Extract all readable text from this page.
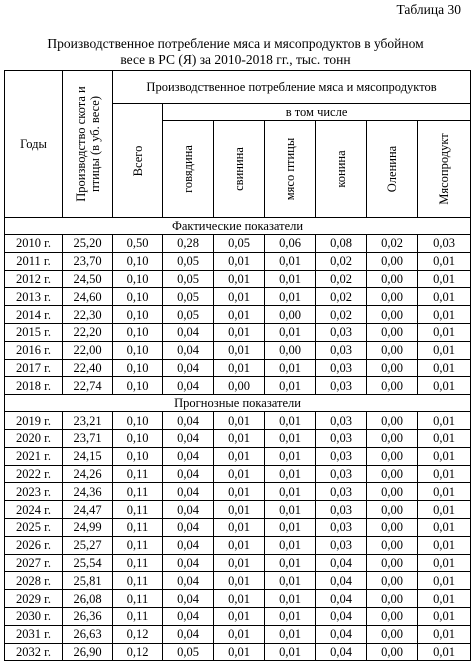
Таблица 30
Производственное потребление мяса и мясопродуктов в убойном
весе в РС (Я) за 2010-2018 гг., тыс. тонн
Годы	Производство скота и птицы (в уб. весе)	Производственное потребление мяса и мясопродуктов						

		Всего	в том числе					

			говядина	свинина	мясо птицы	конина	Оленина	Мясопродукт

Фактические показатели								
2010 г.	25,20	0,50	0,28	0,05	0,06	0,08	0,02	0,03
2011 г.	23,70	0,10	0,05	0,01	0,01	0,02	0,00	0,01
2012 г.	24,50	0,10	0,05	0,01	0,01	0,02	0,00	0,01
2013 г.	24,60	0,10	0,05	0,01	0,01	0,02	0,00	0,01
2014 г.	22,30	0,10	0,05	0,01	0,00	0,02	0,00	0,01
2015 г.	22,20	0,10	0,04	0,01	0,01	0,03	0,00	0,01
2016 г.	22,00	0,10	0,04	0,01	0,00	0,03	0,00	0,01
2017 г.	22,40	0,10	0,04	0,01	0,01	0,03	0,00	0,01
2018 г.	22,74	0,10	0,04	0,00	0,01	0,03	0,00	0,01
Прогнозные показатели								
2019 г.	23,21	0,10	0,04	0,01	0,01	0,03	0,00	0,01
2020 г.	23,71	0,10	0,04	0,01	0,01	0,03	0,00	0,01
2021 г.	24,15	0,10	0,04	0,01	0,01	0,03	0,00	0,01
2022 г.	24,26	0,11	0,04	0,01	0,01	0,03	0,00	0,01
2023 г.	24,36	0,11	0,04	0,01	0,01	0,03	0,00	0,01
2024 г.	24,47	0,11	0,04	0,01	0,01	0,03	0,00	0,01
2025 г.	24,99	0,11	0,04	0,01	0,01	0,03	0,00	0,01
2026 г.	25,27	0,11	0,04	0,01	0,01	0,03	0,00	0,01
2027 г.	25,54	0,11	0,04	0,01	0,01	0,04	0,00	0,01
2028 г.	25,81	0,11	0,04	0,01	0,01	0,04	0,00	0,01
2029 г.	26,08	0,11	0,04	0,01	0,01	0,04	0,00	0,01
2030 г.	26,36	0,11	0,04	0,01	0,01	0,04	0,00	0,01
2031 г.	26,63	0,12	0,04	0,01	0,01	0,04	0,00	0,01
2032 г.	26,90	0,12	0,05	0,01	0,01	0,04	0,00	0,01
